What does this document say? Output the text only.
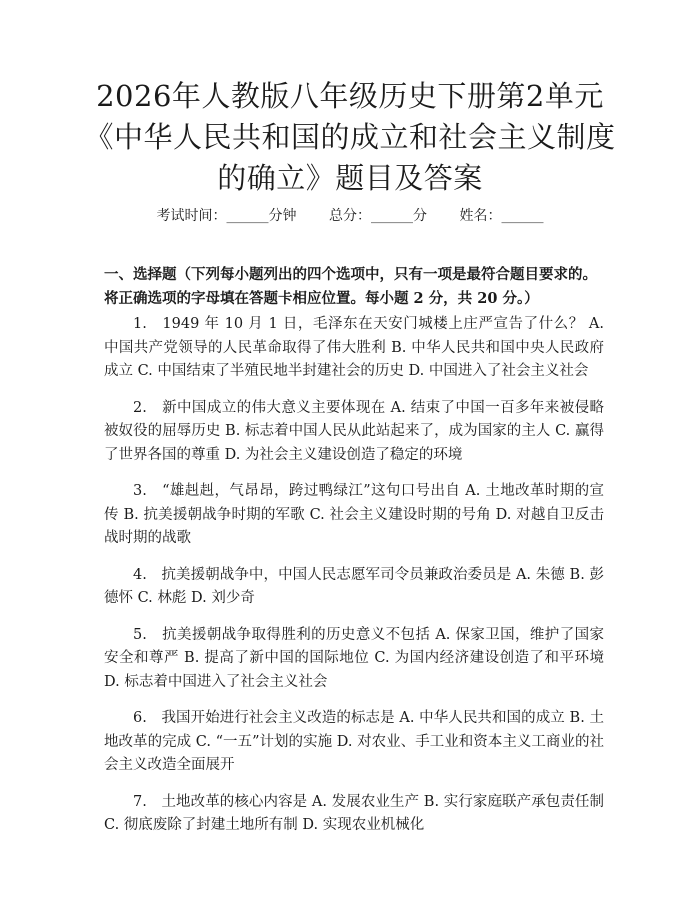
2026年人教版八年级历史下册第2单元《中华人民共和国的成立和社会主义制度的确立》题目及答案
考试时间：______分钟 总分：______分 姓名：______

一、选择题（下列每小题列出的四个选项中，只有一项是最符合题目要求的。将正确选项的字母填在答题卡相应位置。每小题 2 分，共 20 分。）

1.　1949 年 10 月 1 日，毛泽东在天安门城楼上庄严宣告了什么？ A. 中国共产党领导的人民革命取得了伟大胜利 B. 中华人民共和国中央人民政府成立 C. 中国结束了半殖民地半封建社会的历史 D. 中国进入了社会主义社会

2.　新中国成立的伟大意义主要体现在 A. 结束了中国一百多年来被侵略被奴役的屈辱历史 B. 标志着中国人民从此站起来了，成为国家的主人 C. 赢得了世界各国的尊重 D. 为社会主义建设创造了稳定的环境

3.　“雄赳赳，气昂昂，跨过鸭绿江”这句口号出自 A. 土地改革时期的宣传 B. 抗美援朝战争时期的军歌 C. 社会主义建设时期的号角 D. 对越自卫反击战时期的战歌

4.　抗美援朝战争中，中国人民志愿军司令员兼政治委员是 A. 朱德 B. 彭德怀 C. 林彪 D. 刘少奇

5.　抗美援朝战争取得胜利的历史意义不包括 A. 保家卫国，维护了国家安全和尊严 B. 提高了新中国的国际地位 C. 为国内经济建设创造了和平环境 D. 标志着中国进入了社会主义社会

6.　我国开始进行社会主义改造的标志是 A. 中华人民共和国的成立 B. 土地改革的完成 C. “一五”计划的实施 D. 对农业、手工业和资本主义工商业的社会主义改造全面展开

7.　土地改革的核心内容是 A. 发展农业生产 B. 实行家庭联产承包责任制 C. 彻底废除了封建土地所有制 D. 实现农业机械化
